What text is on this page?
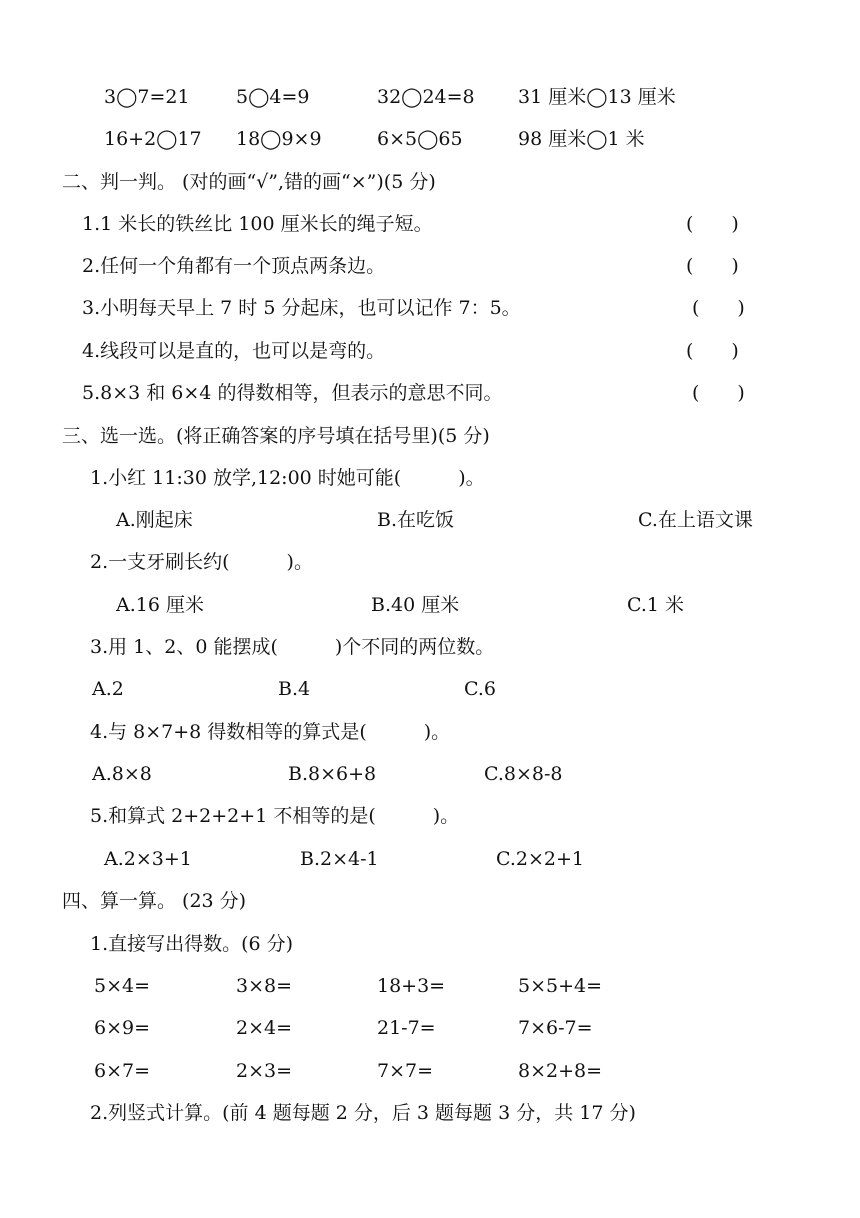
3◯7=21 5◯4=9	32◯24=8 31 厘米◯13 厘米
16+2◯17 18◯9×9	6×5◯65	98 厘米◯1 米
二、判一判。 (对的画“√”,错的画“×”)(5 分)
1.1 米长的铁丝比 100 厘米长的绳子短。	(　　)
2.任何一个角都有一个顶点两条边。	(　　)
3.小明每天早上 7 时 5 分起床，也可以记作 7：5。	(　　)
4.线段可以是直的，也可以是弯的。	(　　)
5.8×3 和 6×4 的得数相等，但表示的意思不同。	(　　)
三、选一选。(将正确答案的序号填在括号里)(5 分)
1.小红 11:30 放学,12:00 时她可能(　　　)。
A.刚起床	B.在吃饭	C.在上语文课
2.一支牙刷长约(　　　)。
A.16 厘米	B.40 厘米	C.1 米
3.用 1、2、0 能摆成(　　　)个不同的两位数。
A.2	B.4	C.6
4.与 8×7+8 得数相等的算式是(　　　)。
A.8×8	B.8×6+8	C.8×8-8
5.和算式 2+2+2+1 不相等的是(　　　)。
A.2×3+1	B.2×4-1	C.2×2+1
四、算一算。 (23 分)
1.直接写出得数。(6 分)
5×4=	3×8=	18+3=	5×5+4=
6×9=	2×4=	21-7=	7×6-7=
6×7=	2×3=	7×7=	8×2+8=
2.列竖式计算。(前 4 题每题 2 分，后 3 题每题 3 分，共 17 分)
